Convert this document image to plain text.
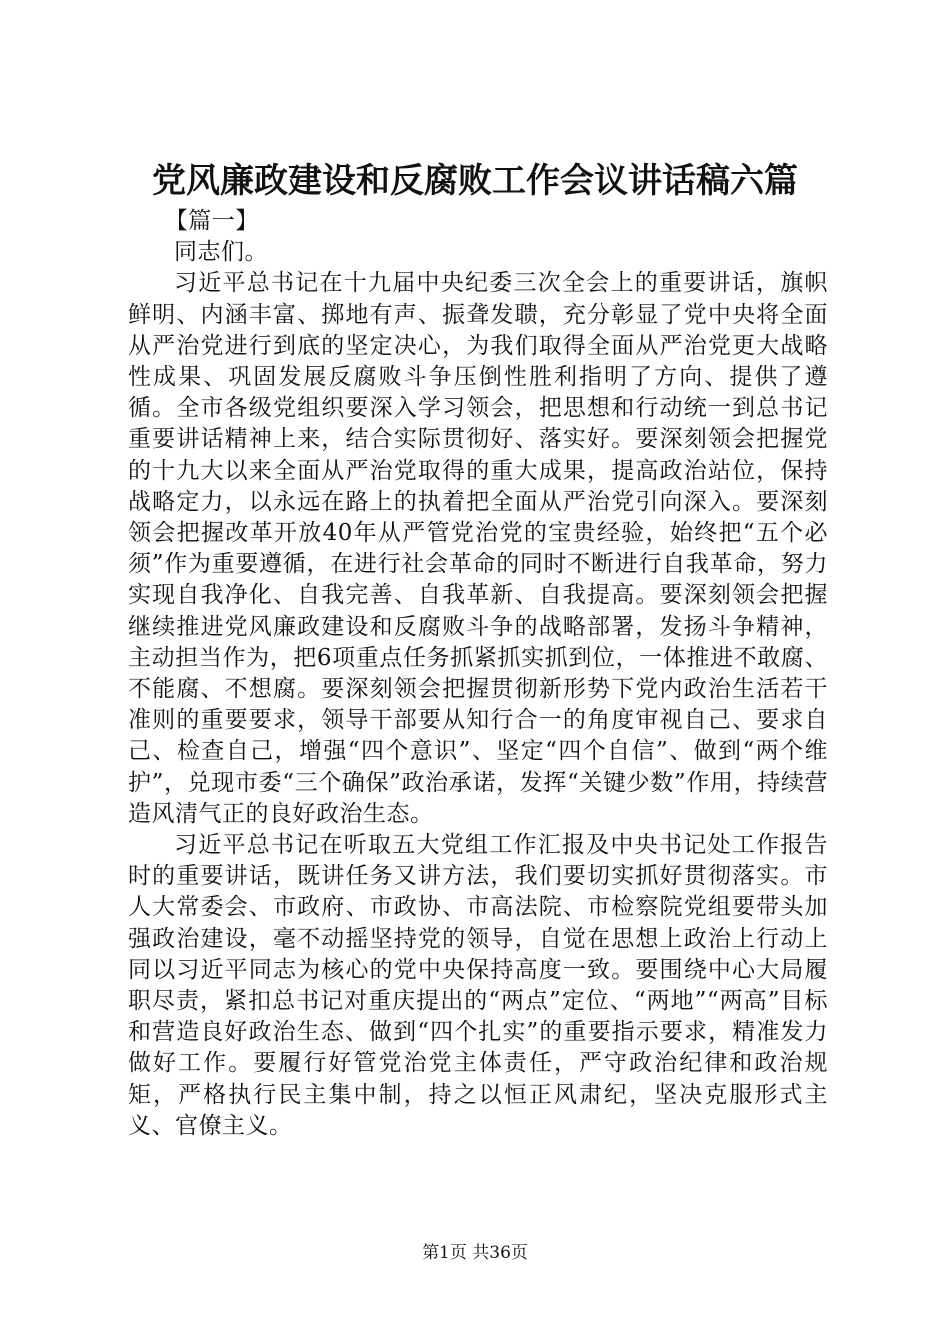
党风廉政建设和反腐败工作会议讲话稿六篇

【篇一】

同志们。

习近平总书记在十九届中央纪委三次全会上的重要讲话，旗帜鲜明、内涵丰富、掷地有声、振聋发聩，充分彰显了党中央将全面从严治党进行到底的坚定决心，为我们取得全面从严治党更大战略性成果、巩固发展反腐败斗争压倒性胜利指明了方向、提供了遵循。全市各级党组织要深入学习领会，把思想和行动统一到总书记重要讲话精神上来，结合实际贯彻好、落实好。要深刻领会把握党的十九大以来全面从严治党取得的重大成果，提高政治站位，保持战略定力，以永远在路上的执着把全面从严治党引向深入。要深刻领会把握改革开放40年从严管党治党的宝贵经验，始终把“五个必须”作为重要遵循，在进行社会革命的同时不断进行自我革命，努力实现自我净化、自我完善、自我革新、自我提高。要深刻领会把握继续推进党风廉政建设和反腐败斗争的战略部署，发扬斗争精神，主动担当作为，把6项重点任务抓紧抓实抓到位，一体推进不敢腐、不能腐、不想腐。要深刻领会把握贯彻新形势下党内政治生活若干准则的重要要求，领导干部要从知行合一的角度审视自己、要求自己、检查自己，增强“四个意识”、坚定“四个自信”、做到“两个维护”，兑现市委“三个确保”政治承诺，发挥“关键少数”作用，持续营造风清气正的良好政治生态。

习近平总书记在听取五大党组工作汇报及中央书记处工作报告时的重要讲话，既讲任务又讲方法，我们要切实抓好贯彻落实。市人大常委会、市政府、市政协、市高法院、市检察院党组要带头加强政治建设，毫不动摇坚持党的领导，自觉在思想上政治上行动上同以习近平同志为核心的党中央保持高度一致。要围绕中心大局履职尽责，紧扣总书记对重庆提出的“两点”定位、“两地”“两高”目标和营造良好政治生态、做到“四个扎实”的重要指示要求，精准发力做好工作。要履行好管党治党主体责任，严守政治纪律和政治规矩，严格执行民主集中制，持之以恒正风肃纪，坚决克服形式主义、官僚主义。

第1页 共36页
